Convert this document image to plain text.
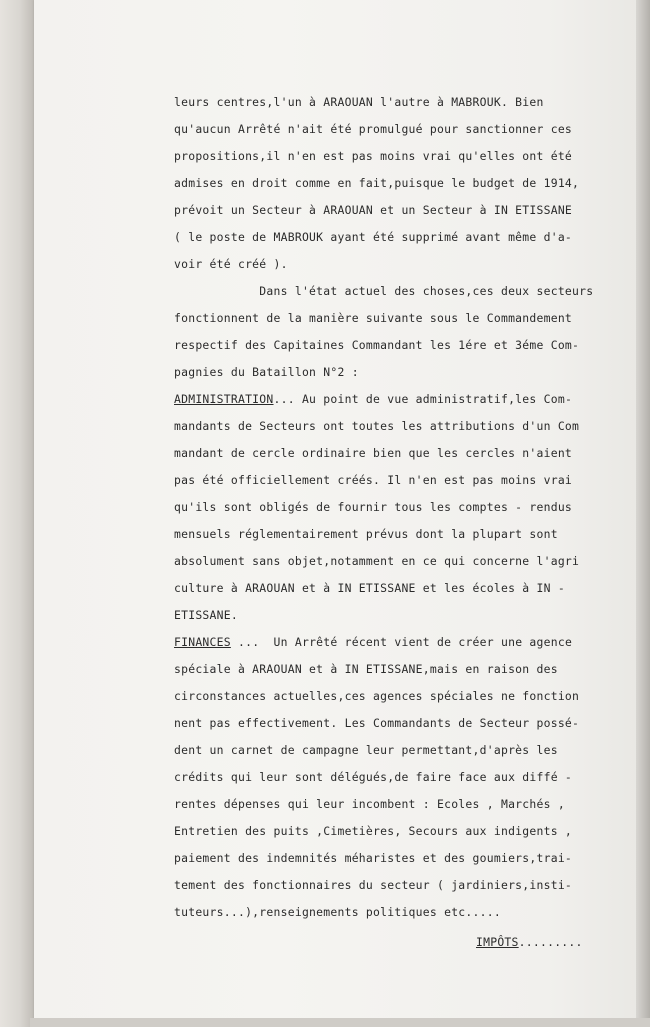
leurs centres,l'un à ARAOUAN l'autre à MABROUK. Bien
qu'aucun Arrêté n'ait été promulgué pour sanctionner ces
propositions,il n'en est pas moins vrai qu'elles ont été
admises en droit comme en fait,puisque le budget de 1914,
prévoit un Secteur à ARAOUAN et un Secteur à IN ETISSANE
( le poste de MABROUK ayant été supprimé avant même d'a-
voir été créé ).
Dans l'état actuel des choses,ces deux secteurs
fonctionnent de la manière suivante sous le Commandement
respectif des Capitaines Commandant les 1ére et 3éme Com-
pagnies du Bataillon N°2 :
ADMINISTRATION... Au point de vue administratif,les Com-
mandants de Secteurs ont toutes les attributions d'un Com
mandant de cercle ordinaire bien que les cercles n'aient
pas été officiellement créés. Il n'en est pas moins vrai
qu'ils sont obligés de fournir tous les comptes - rendus
mensuels réglementairement prévus dont la plupart sont
absolument sans objet,notamment en ce qui concerne l'agri
culture à ARAOUAN et à IN ETISSANE et les écoles à IN -
ETISSANE.
FINANCES ...  Un Arrêté récent vient de créer une agence
spéciale à ARAOUAN et à IN ETISSANE,mais en raison des
circonstances actuelles,ces agences spéciales ne fonction
nent pas effectivement. Les Commandants de Secteur possé-
dent un carnet de campagne leur permettant,d'après les
crédits qui leur sont délégués,de faire face aux diffé -
rentes dépenses qui leur incombent : Ecoles , Marchés ,
Entretien des puits ,Cimetières, Secours aux indigents ,
paiement des indemnités méharistes et des goumiers,trai-
tement des fonctionnaires du secteur ( jardiniers,insti-
tuteurs...),renseignements politiques etc.....
IMPÔTS.........
